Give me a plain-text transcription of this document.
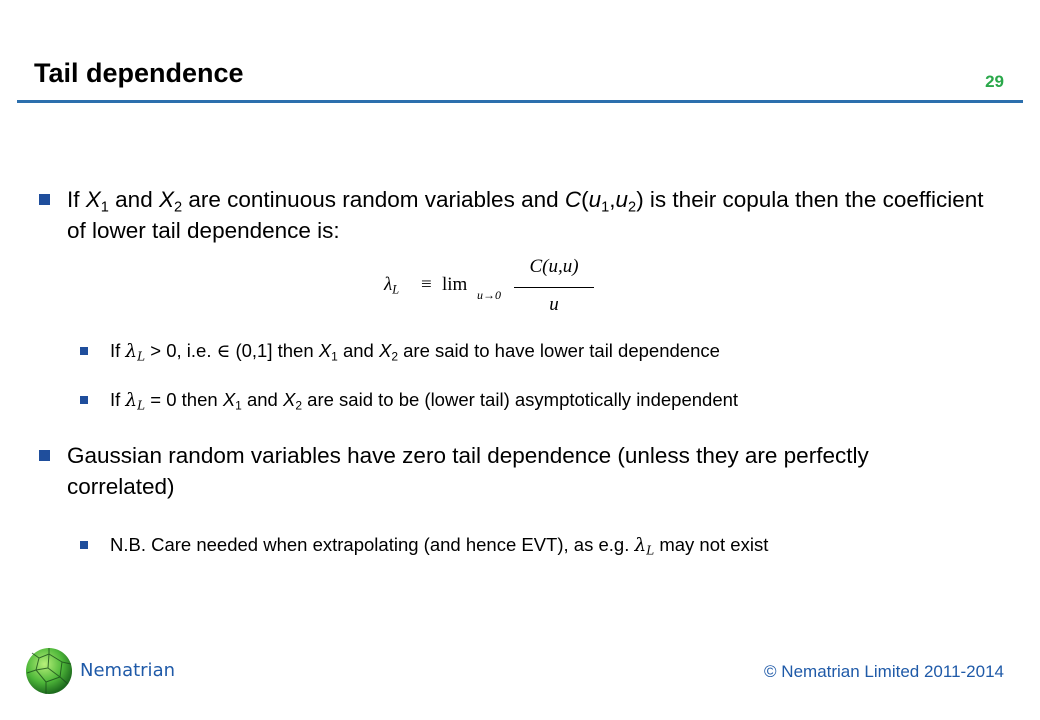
Tail dependence	29
If $X_1$ and $X_2$ are continuous random variables and $C(u_1,u_2)$ is their copula then the coefficient of lower tail dependence is:
$\lambda_L \equiv \lim u\to 0$
C(u,u)
u
If $\lambda_L > 0$, i.e. ∈ (0,1] then $X_1$ and $X_2$ are said to have lower tail dependence
If $\lambda_L = 0$ then $X_1$ and $X_2$ are said to be (lower tail) asymptotically independent
Gaussian random variables have zero tail dependence (unless they are perfectly correlated)
N.B. Care needed when extrapolating (and hence EVT), as e.g. $\lambda_L$ may not exist
Nematrian	© Nematrian Limited 2011-2014
